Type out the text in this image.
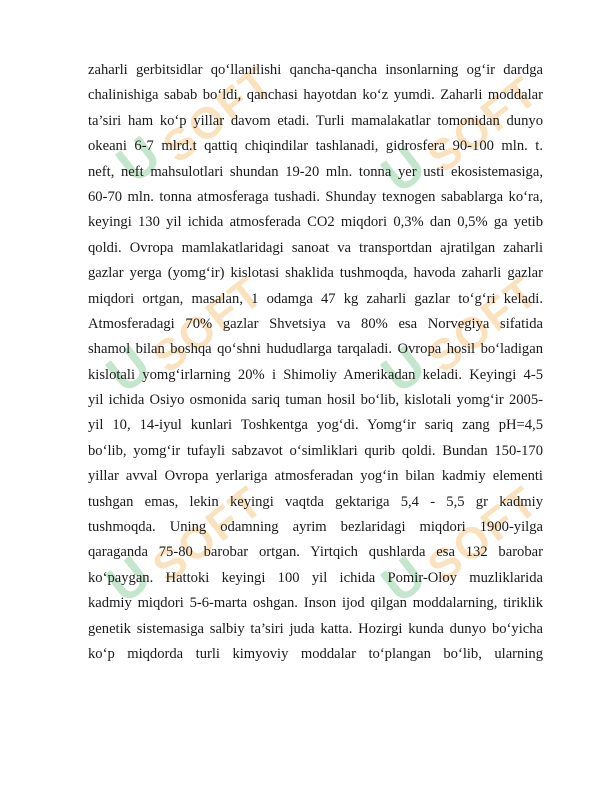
U
SOFT U
SOFT
U
SOFT U
SOFT
U
SOFT U
SOFT
zaharli gerbitsidlar qo‘llanilishi qancha-qancha insonlarning og‘ir dardga
chalinishiga sabab bo‘ldi, qanchasi hayotdan ko‘z yumdi. Zaharli moddalar
ta’siri ham ko‘p yillar davom etadi. Turli mamalakatlar tomonidan dunyo
okeani 6-7 mlrd.t qattiq chiqindilar tashlanadi, gidrosfera 90-100 mln. t.
neft, neft mahsulotlari shundan 19-20 mln. tonna yer usti ekosistemasiga,
60-70 mln. tonna atmosferaga tushadi. Shunday texnogen sabablarga ko‘ra,
keyingi 130 yil ichida atmosferada CO2 miqdori 0,3% dan 0,5% ga yetib
qoldi. Ovropa mamlakatlaridagi sanoat va transportdan ajratilgan zaharli
gazlar yerga (yomg‘ir) kislotasi shaklida tushmoqda, havoda zaharli gazlar
miqdori ortgan, masalan, 1 odamga 47 kg zaharli gazlar to‘g‘ri keladi.
Atmosferadagi 70% gazlar Shvetsiya va 80% esa Norvegiya sifatida
shamol bilan boshqa qo‘shni hududlarga tarqaladi. Ovropa hosil bo‘ladigan
kislotali yomg‘irlarning 20% i Shimoliy Amerikadan keladi. Keyingi 4-5
yil ichida Osiyo osmonida sariq tuman hosil bo‘lib, kislotali yomg‘ir 2005-
yil 10, 14-iyul kunlari Toshkentga yog‘di. Yomg‘ir sariq zang pH=4,5
bo‘lib, yomg‘ir tufayli sabzavot o‘simliklari qurib qoldi. Bundan 150-170
yillar avval Ovropa yerlariga atmosferadan yog‘in bilan kadmiy elementi
tushgan emas, lekin keyingi vaqtda gektariga 5,4 - 5,5 gr kadmiy
tushmoqda. Uning odamning ayrim bezlaridagi miqdori 1900-yilga
qaraganda 75-80 barobar ortgan. Yirtqich qushlarda esa 132 barobar
ko‘paygan. Hattoki keyingi 100 yil ichida Pomir-Oloy muzliklarida
kadmiy miqdori 5-6-marta oshgan. Inson ijod qilgan moddalarning, tiriklik
genetik sistemasiga salbiy ta’siri juda katta. Hozirgi kunda dunyo bo‘yicha
ko‘p miqdorda turli kimyoviy moddalar to‘plangan bo‘lib, ularning
